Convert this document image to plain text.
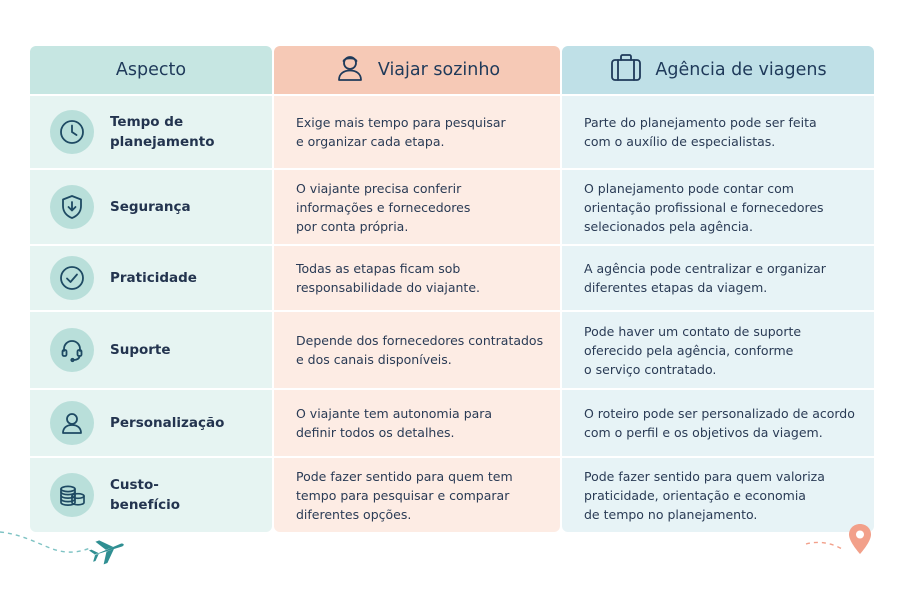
Aspecto
Tempo de
planejamento
Segurança
Praticidade
Suporte
Personalização
Custo-benefício
Viajar sozinho
Exige mais tempo para pesquisar
e organizar cada etapa.
O viajante precisa conferir
informações e fornecedores
por conta própria.
Todas as etapas ficam sob
responsabilidade do viajante.
Depende dos fornecedores contratados
e dos canais disponíveis.
O viajante tem autonomia para
definir todos os detalhes.
Pode fazer sentido para quem tem
tempo para pesquisar e comparar
diferentes opções.
Agência de viagens
Parte do planejamento pode ser feita
com o auxílio de especialistas.
O planejamento pode contar com
orientação profissional e fornecedores
selecionados pela agência.
A agência pode centralizar e organizar
diferentes etapas da viagem.
Pode haver um contato de suporte
oferecido pela agência, conforme
o serviço contratado.
O roteiro pode ser personalizado de acordo
com o perfil e os objetivos da viagem.
Pode fazer sentido para quem valoriza
praticidade, orientação e economia
de tempo no planejamento.
